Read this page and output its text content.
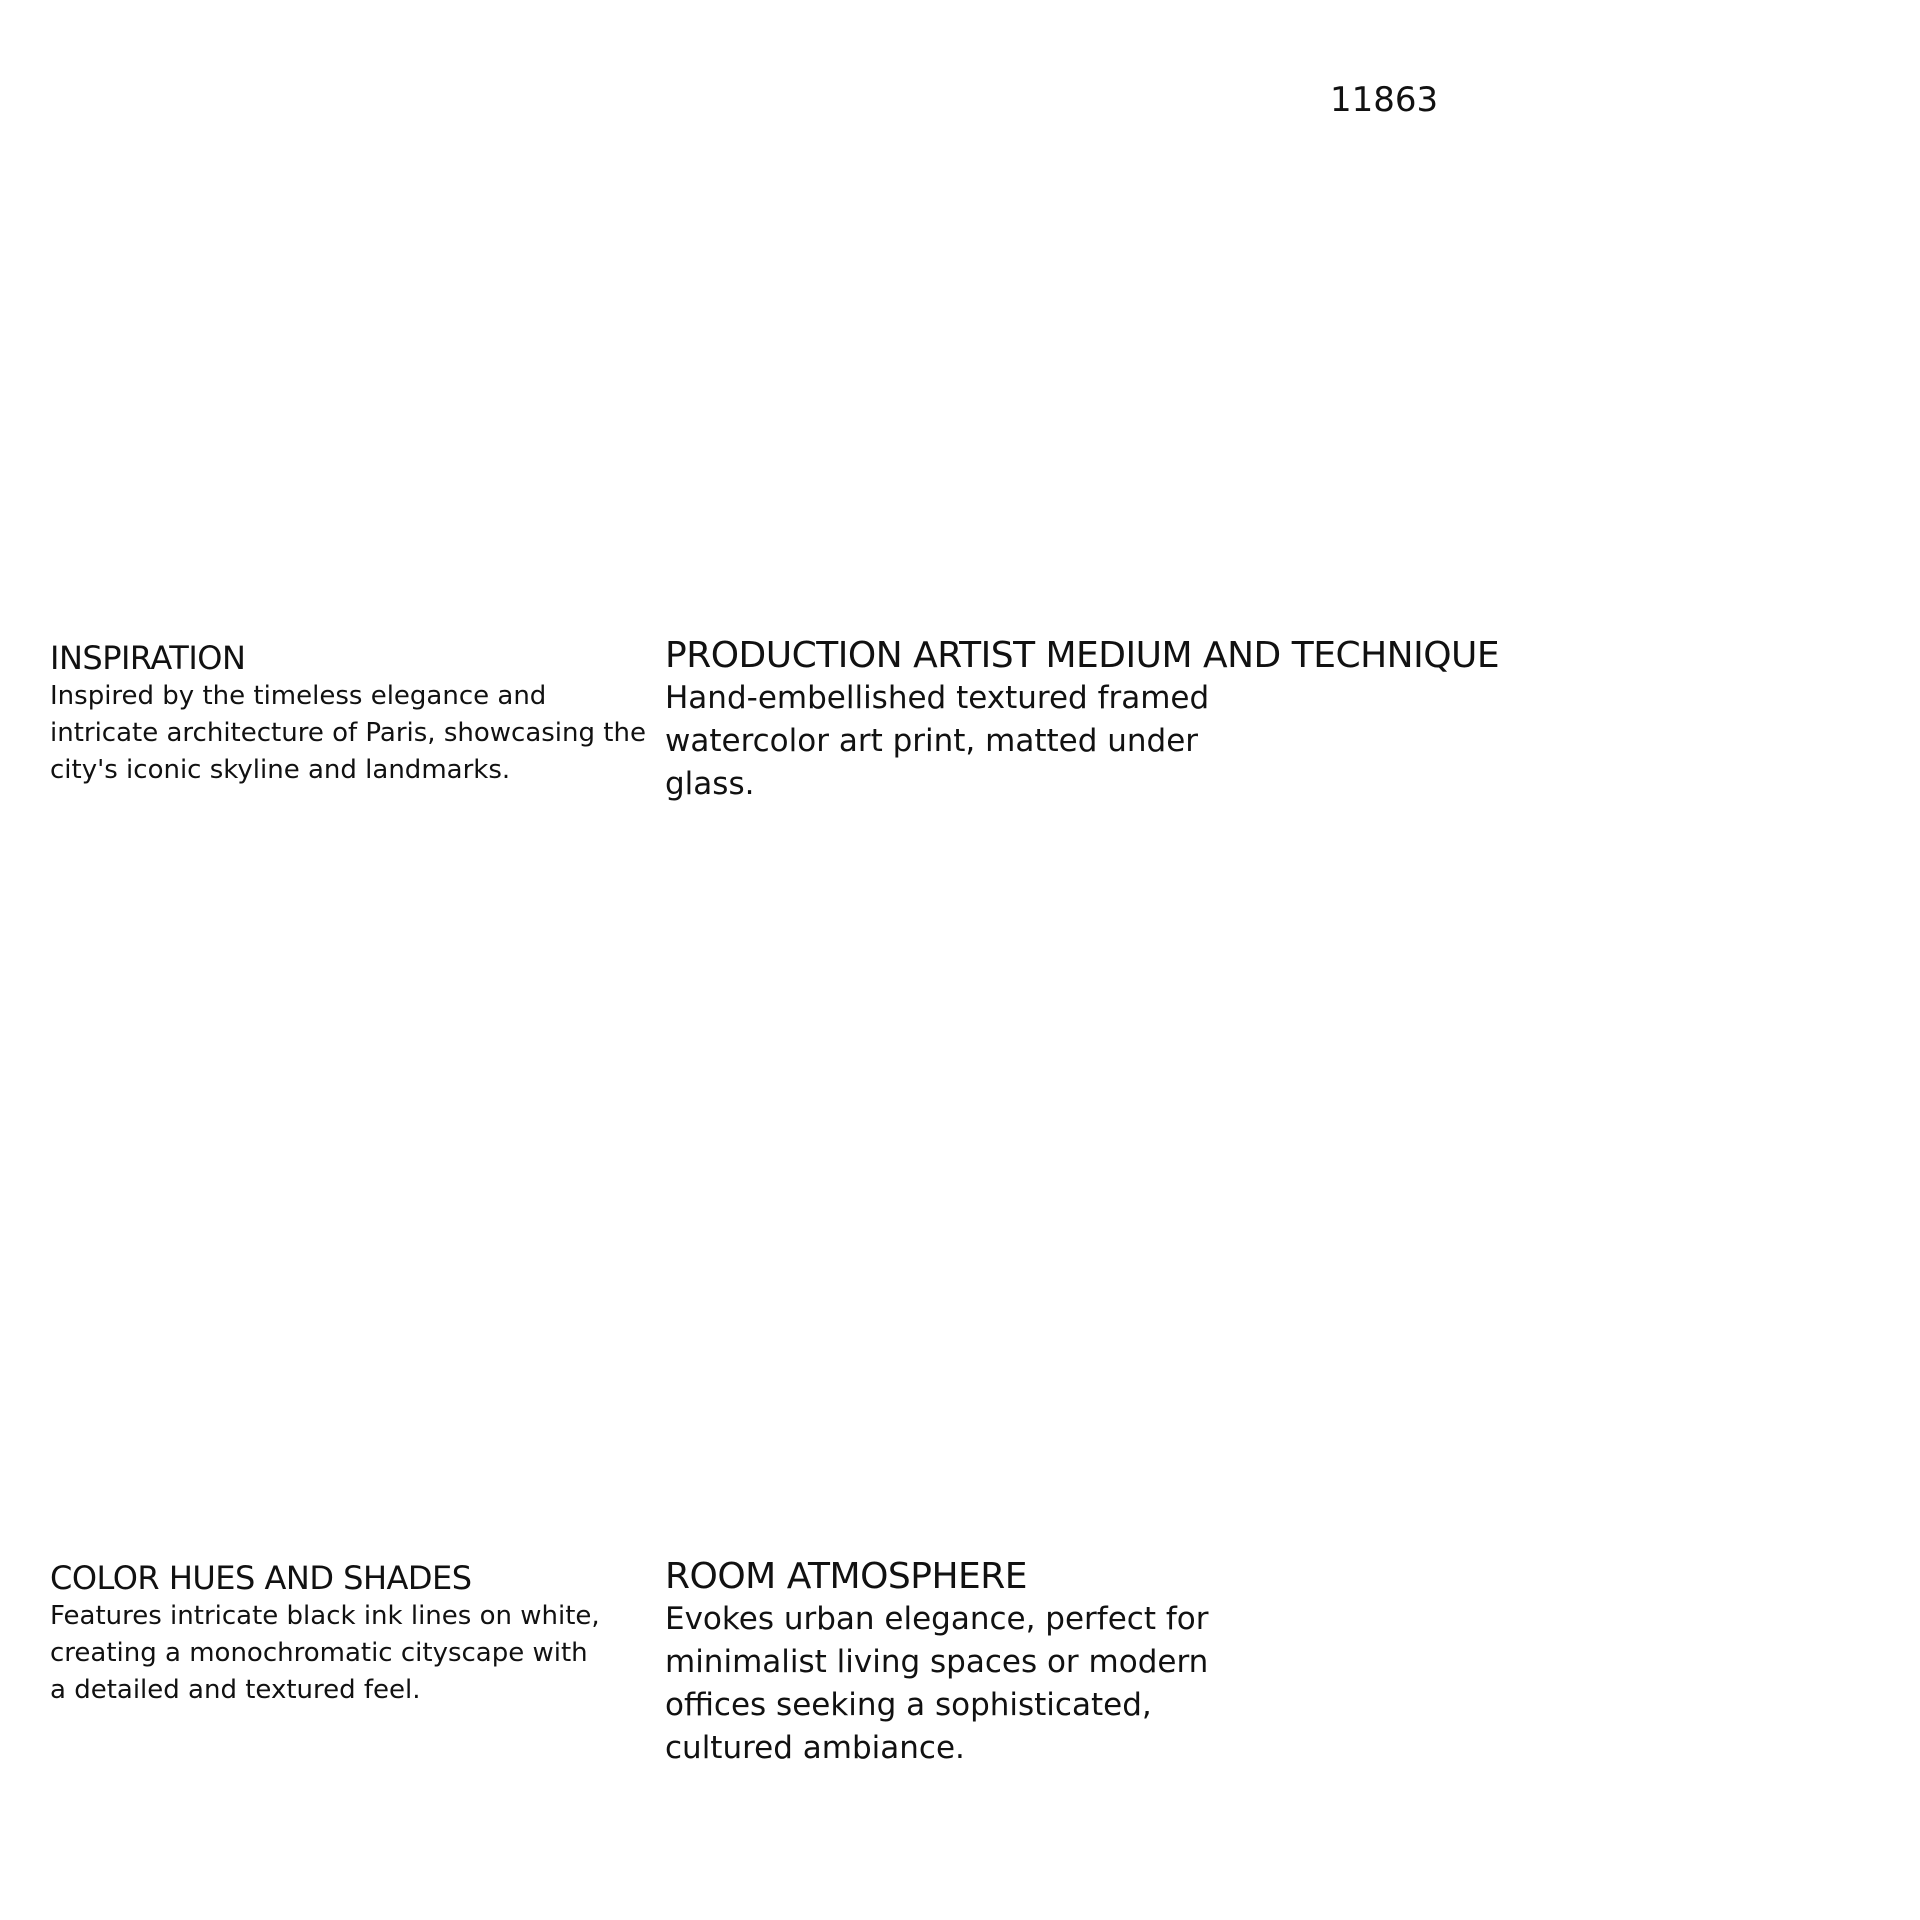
11863
INSPIRATION

Inspired by the timeless elegance and intricate architecture of Paris, showcasing the city's iconic skyline and landmarks.

PRODUCTION ARTIST MEDIUM AND TECHNIQUE

Hand-embellished textured framed watercolor art print, matted under glass.

COLOR HUES AND SHADES

Features intricate black ink lines on white, creating a monochromatic cityscape with a detailed and textured feel.

ROOM ATMOSPHERE

Evokes urban elegance, perfect for minimalist living spaces or modern offices seeking a sophisticated, cultured ambiance.
